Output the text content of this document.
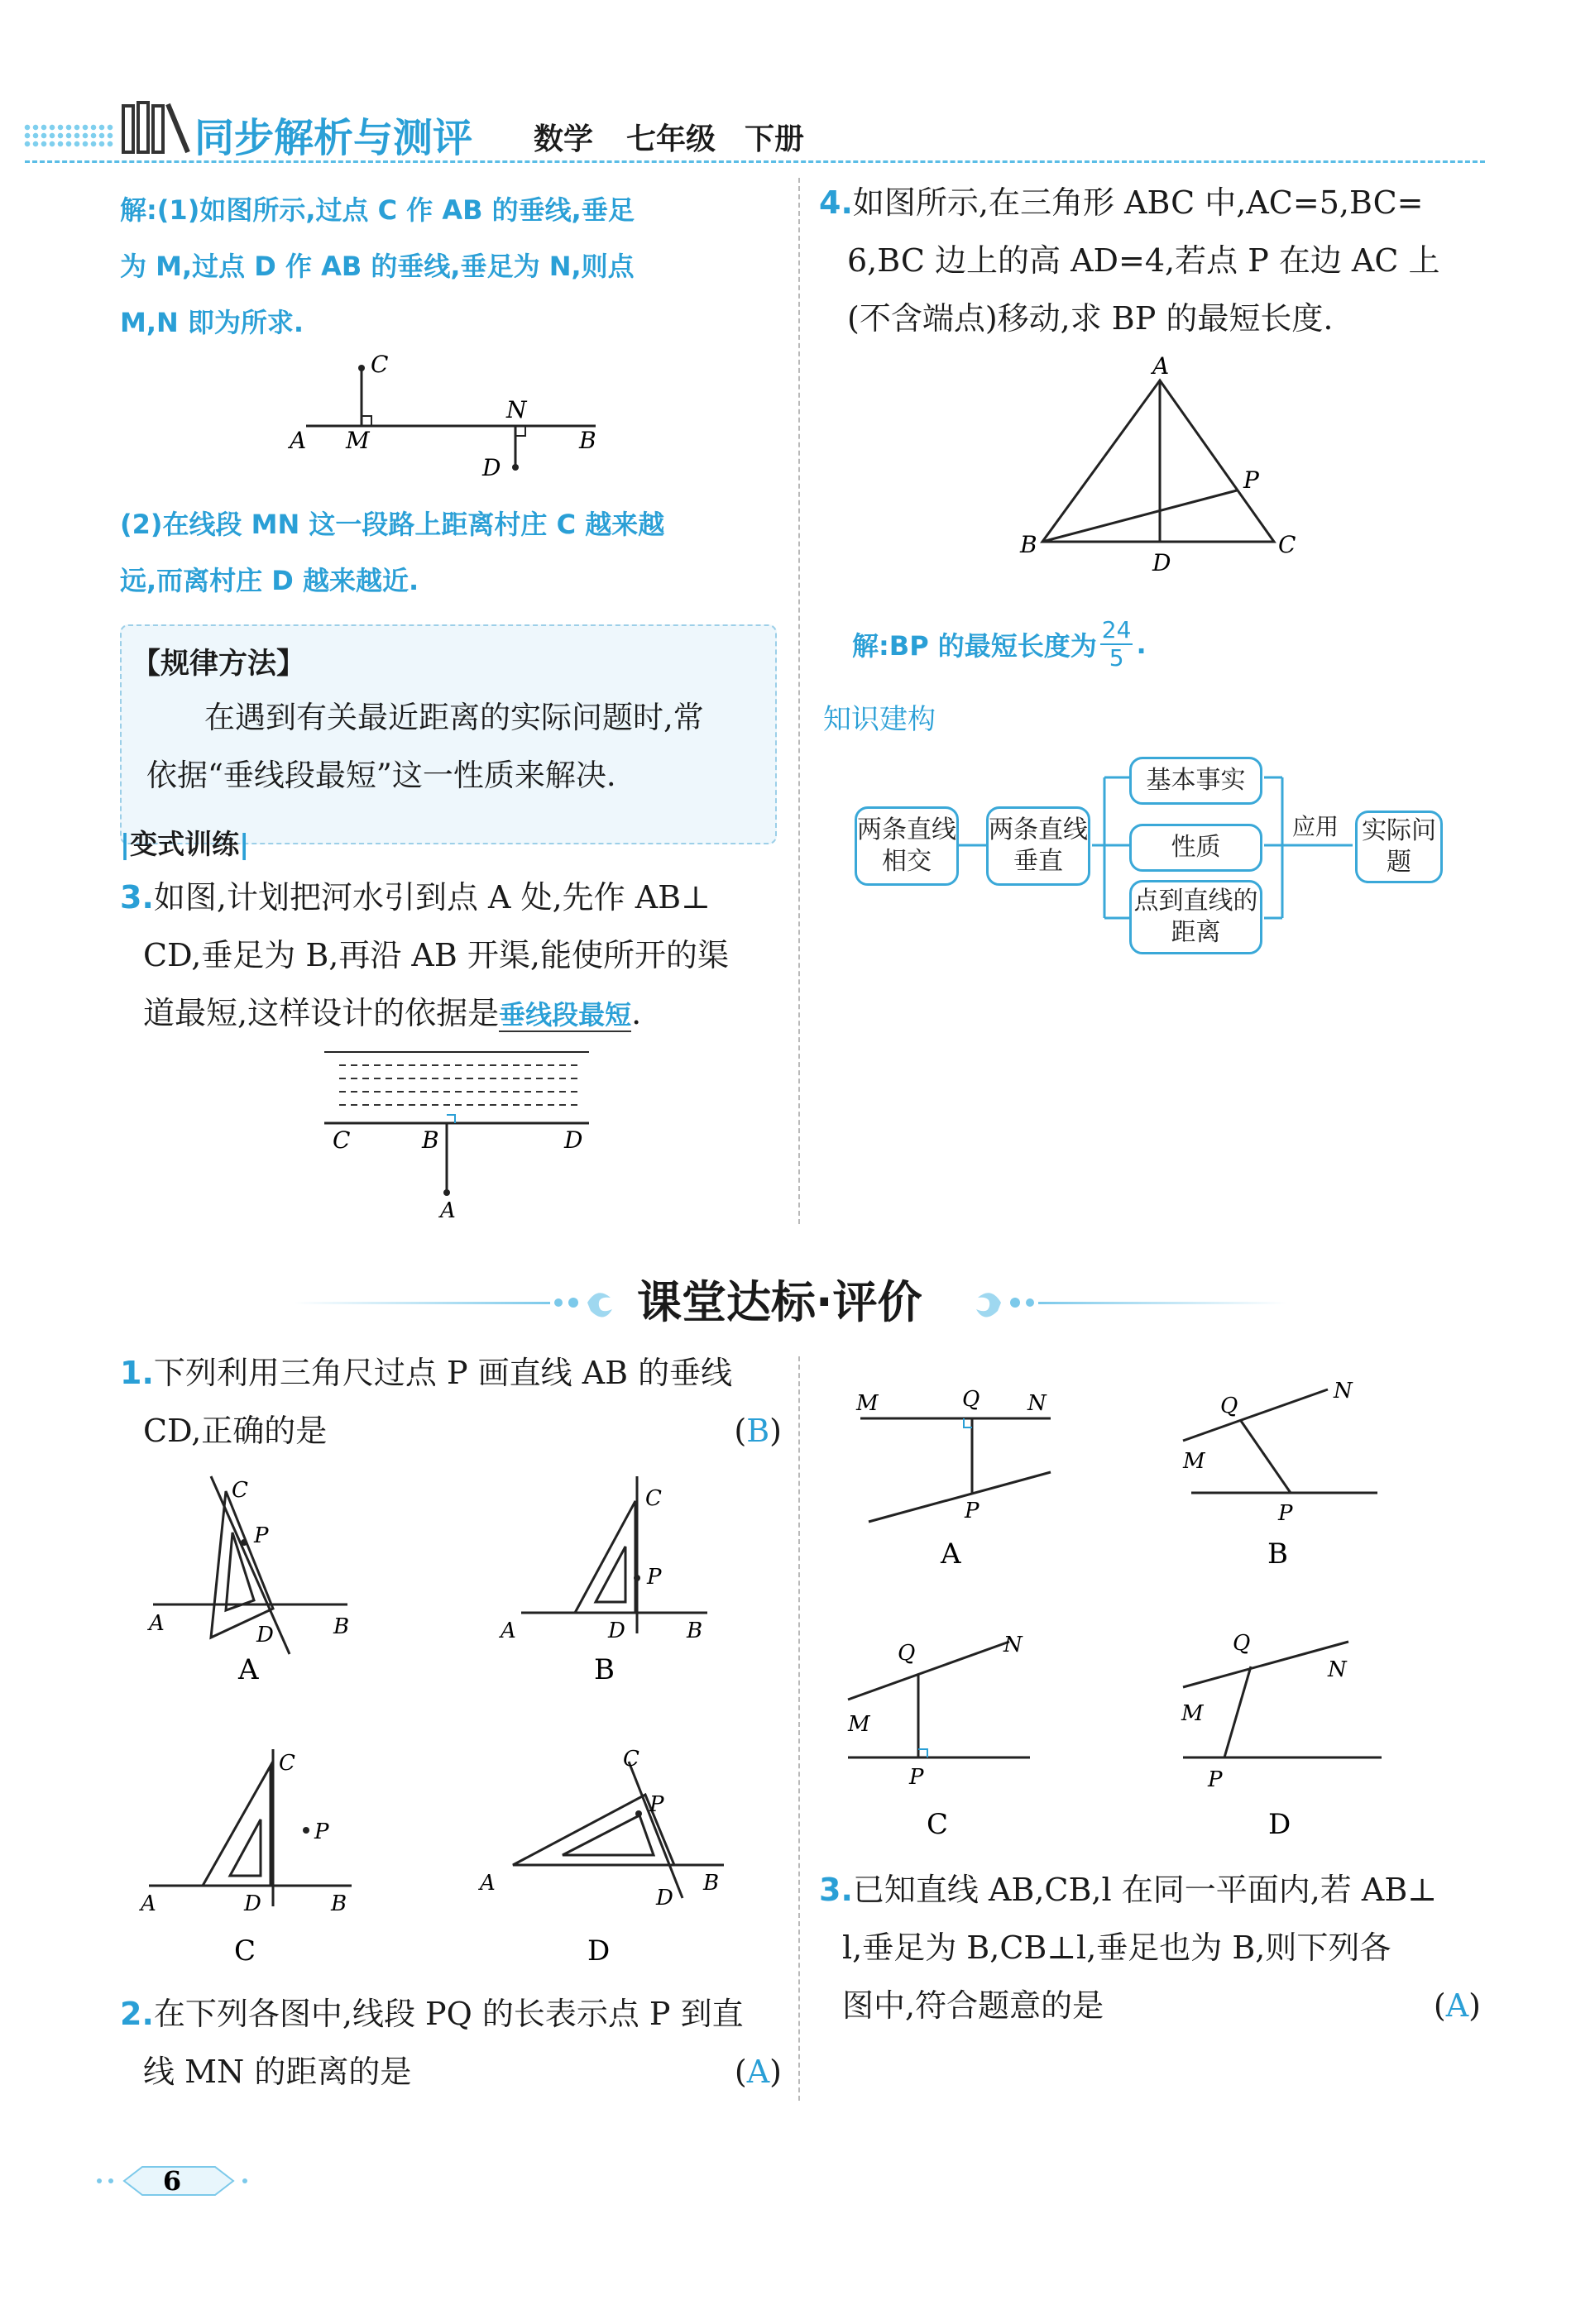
同步解析与测评 数学 七年级 下册
解:(1)如图所示,过点 C 作 AB 的垂线,垂足
为 M,过点 D 作 AB 的垂线,垂足为 N,则点
M,N 即为所求.
C
A M
N
B
D
(2)在线段 MN 这一段路上距离村庄 C 越来越
远,而离村庄 D 越来越近.
【规律方法】
在遇到有关最近距离的实际问题时,常
依据“垂线段最短”这一性质来解决.
|变式训练|
3.如图,计划把河水引到点 A 处,先作 AB⊥
CD,垂足为 B,再沿 AB 开渠,能使所开的渠
道最短,这样设计的依据是垂线段最短.
C	B	D
A
4.如图所示,在三角形 ABC 中,AC=5,BC=
6,BC 边上的高 AD=4,若点 P 在边 AC 上
(不含端点)移动,求 BP 的最短长度.
A
B	C
D
P
解:BP 的最短长度为 $\frac{24}{5}$ .
知识建构
两条直线相交
两条直线垂直
基本事实
性质
点到直线的距离
应用 实际问题
课堂达标·评价
1.下列利用三角尺过点 P 画直线 AB 的垂线
CD,正确的是	(B)
C
P
A	D	B
A
C
P
A	D	B
B
C
P
A	D	B
C
C
P
A
D
B
D
2.在下列各图中,线段 PQ 的长表示点 P 到直
线 MN 的距离的是	(A)
M	Q N
P
A
Q
N
M
P
B
Q	N
M
P
C
Q
N
M
P
D
3.已知直线 AB,CB,l 在同一平面内,若 AB⊥
l,垂足为 B,CB⊥l,垂足也为 B,则下列各
图中,符合题意的是	(A)
6
